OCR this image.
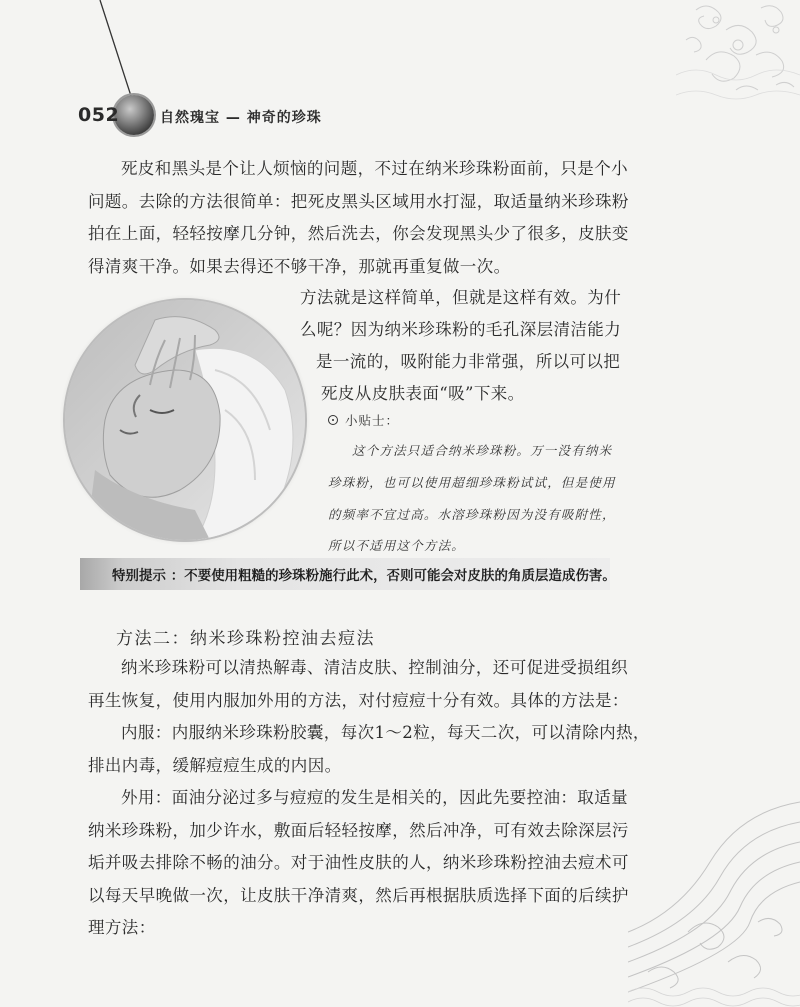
052	自然瑰宝 — 神奇的珍珠

死皮和黑头是个让人烦恼的问题，不过在纳米珍珠粉面前，只是个小
问题。去除的方法很简单：把死皮黑头区域用水打湿，取适量纳米珍珠粉
拍在上面，轻轻按摩几分钟，然后洗去，你会发现黑头少了很多，皮肤变
得清爽干净。如果去得还不够干净，那就再重复做一次。

方法就是这样简单，但就是这样有效。为什
么呢？因为纳米珍珠粉的毛孔深层清洁能力
是一流的，吸附能力非常强，所以可以把
死皮从皮肤表面“吸”下来。
小贴士：

这个方法只适合纳米珍珠粉。万一没有纳米

珍珠粉，也可以使用超细珍珠粉试试，但是使用

的频率不宜过高。水溶珍珠粉因为没有吸附性，

所以不适用这个方法。

特别提示 ：不要使用粗糙的珍珠粉施行此术，否则可能会对皮肤的角质层造成伤害。
方法二：纳米珍珠粉控油去痘法

纳米珍珠粉可以清热解毒、清洁皮肤、控制油分，还可促进受损组织
再生恢复，使用内服加外用的方法，对付痘痘十分有效。具体的方法是：

内服：内服纳米珍珠粉胶囊，每次1～2粒，每天二次，可以清除内热，
排出内毒，缓解痘痘生成的内因。

外用：面油分泌过多与痘痘的发生是相关的，因此先要控油：取适量
纳米珍珠粉，加少许水，敷面后轻轻按摩，然后冲净，可有效去除深层污
垢并吸去排除不畅的油分。对于油性皮肤的人，纳米珍珠粉控油去痘术可
以每天早晚做一次，让皮肤干净清爽，然后再根据肤质选择下面的后续护
理方法：
